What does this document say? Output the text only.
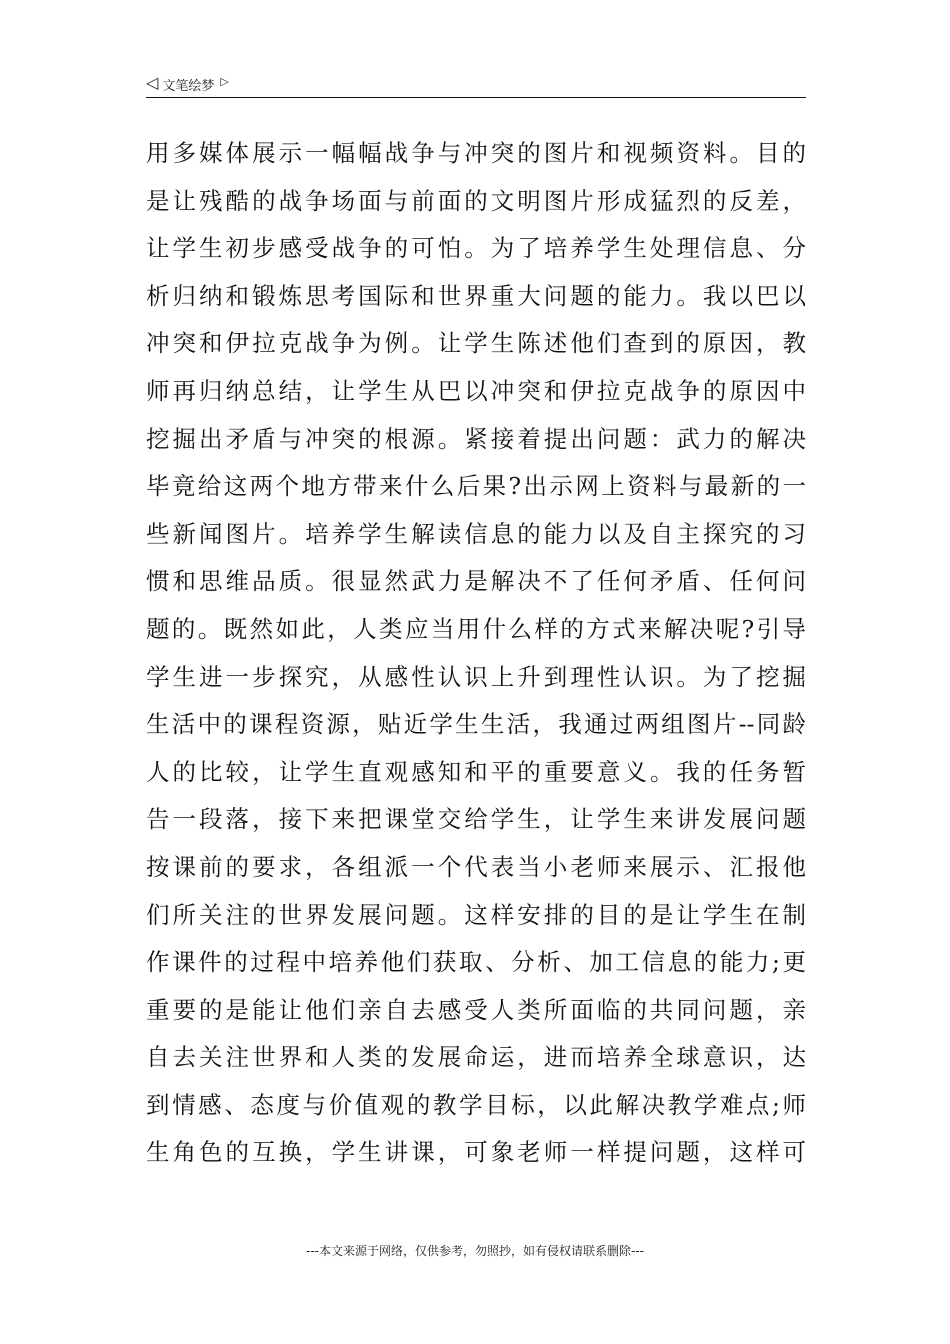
◁ 文笔绘梦 ▷
用多媒体展示一幅幅战争与冲突的图片和视频资料。目的
是让残酷的战争场面与前面的文明图片形成猛烈的反差，
让学生初步感受战争的可怕。为了培养学生处理信息、分
析归纳和锻炼思考国际和世界重大问题的能力。我以巴以
冲突和伊拉克战争为例。让学生陈述他们查到的原因，教
师再归纳总结，让学生从巴以冲突和伊拉克战争的原因中
挖掘出矛盾与冲突的根源。紧接着提出问题：武力的解决
毕竟给这两个地方带来什么后果?出示网上资料与最新的一
些新闻图片。培养学生解读信息的能力以及自主探究的习
惯和思维品质。很显然武力是解决不了任何矛盾、任何问
题的。既然如此，人类应当用什么样的方式来解决呢?引导
学生进一步探究，从感性认识上升到理性认识。为了挖掘
生活中的课程资源，贴近学生生活，我通过两组图片--同龄
人的比较，让学生直观感知和平的重要意义。我的任务暂
告一段落，接下来把课堂交给学生，让学生来讲发展问题
按课前的要求，各组派一个代表当小老师来展示、汇报他
们所关注的世界发展问题。这样安排的目的是让学生在制
作课件的过程中培养他们获取、分析、加工信息的能力;更
重要的是能让他们亲自去感受人类所面临的共同问题，亲
自去关注世界和人类的发展命运，进而培养全球意识，达
到情感、态度与价值观的教学目标，以此解决教学难点;师
生角色的互换，学生讲课，可象老师一样提问题，这样可
---本文来源于网络，仅供参考，勿照抄，如有侵权请联系删除---
